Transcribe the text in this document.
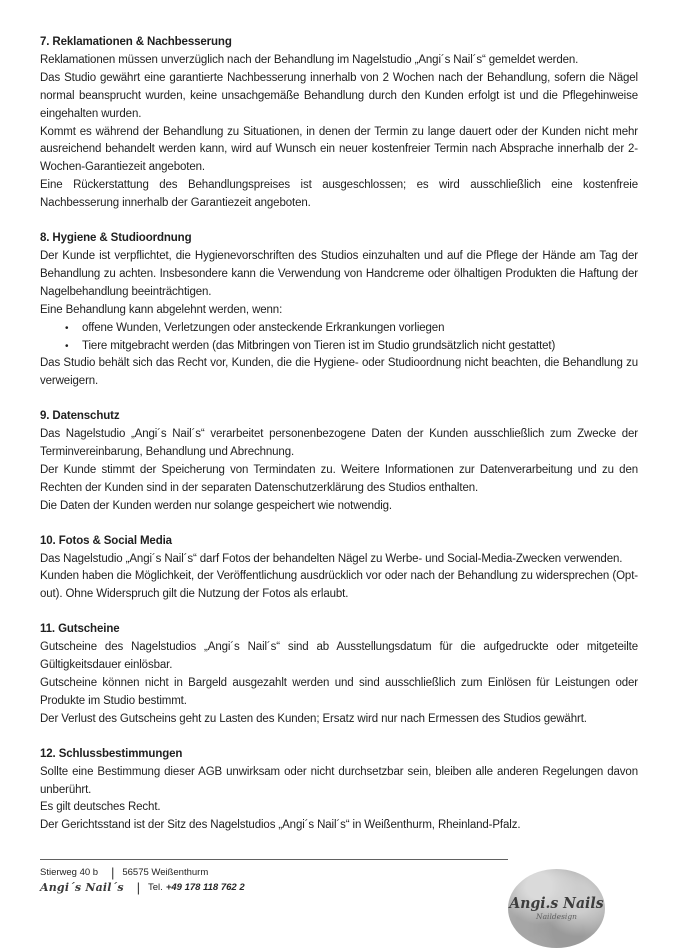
7. Reklamationen & Nachbesserung

Reklamationen müssen unverzüglich nach der Behandlung im Nagelstudio „Angi´s Nail´s“ gemeldet werden.

Das Studio gewährt eine garantierte Nachbesserung innerhalb von 2 Wochen nach der Behandlung, sofern die Nägel normal beansprucht wurden, keine unsachgemäße Behandlung durch den Kunden erfolgt ist und die Pflegehinweise eingehalten wurden.

Kommt es während der Behandlung zu Situationen, in denen der Termin zu lange dauert oder der Kunden nicht mehr ausreichend behandelt werden kann, wird auf Wunsch ein neuer kostenfreier Termin nach Absprache innerhalb der 2-Wochen-Garantiezeit angeboten.

Eine Rückerstattung des Behandlungspreises ist ausgeschlossen; es wird ausschließlich eine kostenfreie Nachbesserung innerhalb der Garantiezeit angeboten.

8. Hygiene & Studioordnung

Der Kunde ist verpflichtet, die Hygienevorschriften des Studios einzuhalten und auf die Pflege der Hände am Tag der Behandlung zu achten. Insbesondere kann die Verwendung von Handcreme oder ölhaltigen Produkten die Haftung der Nagelbehandlung beeinträchtigen.

Eine Behandlung kann abgelehnt werden, wenn:

•	offene Wunden, Verletzungen oder ansteckende Erkrankungen vorliegen
•	Tiere mitgebracht werden (das Mitbringen von Tieren ist im Studio grundsätzlich nicht gestattet)

Das Studio behält sich das Recht vor, Kunden, die die Hygiene- oder Studioordnung nicht beachten, die Behandlung zu verweigern.

9. Datenschutz

Das Nagelstudio „Angi´s Nail´s“ verarbeitet personenbezogene Daten der Kunden ausschließlich zum Zwecke der Terminvereinbarung, Behandlung und Abrechnung.

Der Kunde stimmt der Speicherung von Termindaten zu. Weitere Informationen zur Datenverarbeitung und zu den Rechten der Kunden sind in der separaten Datenschutzerklärung des Studios enthalten.

Die Daten der Kunden werden nur solange gespeichert wie notwendig.

10. Fotos & Social Media

Das Nagelstudio „Angi´s Nail´s“ darf Fotos der behandelten Nägel zu Werbe- und Social-Media-Zwecken verwenden.

Kunden haben die Möglichkeit, der Veröffentlichung ausdrücklich vor oder nach der Behandlung zu widersprechen (Opt-out). Ohne Widerspruch gilt die Nutzung der Fotos als erlaubt.

11. Gutscheine

Gutscheine des Nagelstudios „Angi´s Nail´s“ sind ab Ausstellungsdatum für die aufgedruckte oder mitgeteilte Gültigkeitsdauer einlösbar.

Gutscheine können nicht in Bargeld ausgezahlt werden und sind ausschließlich zum Einlösen für Leistungen oder Produkte im Studio bestimmt.

Der Verlust des Gutscheins geht zu Lasten des Kunden; Ersatz wird nur nach Ermessen des Studios gewährt.

12. Schlussbestimmungen

Sollte eine Bestimmung dieser AGB unwirksam oder nicht durchsetzbar sein, bleiben alle anderen Regelungen davon unberührt.

Es gilt deutsches Recht.

Der Gerichtsstand ist der Sitz des Nagelstudios „Angi´s Nail´s“ in Weißenthurm, Rheinland-Pfalz.

Stierweg 40 b | 56575 Weißenthurm
Angi´s Nail´s | Tel. +49 178 118 762 2
Angi.s Nails
Naildesign
